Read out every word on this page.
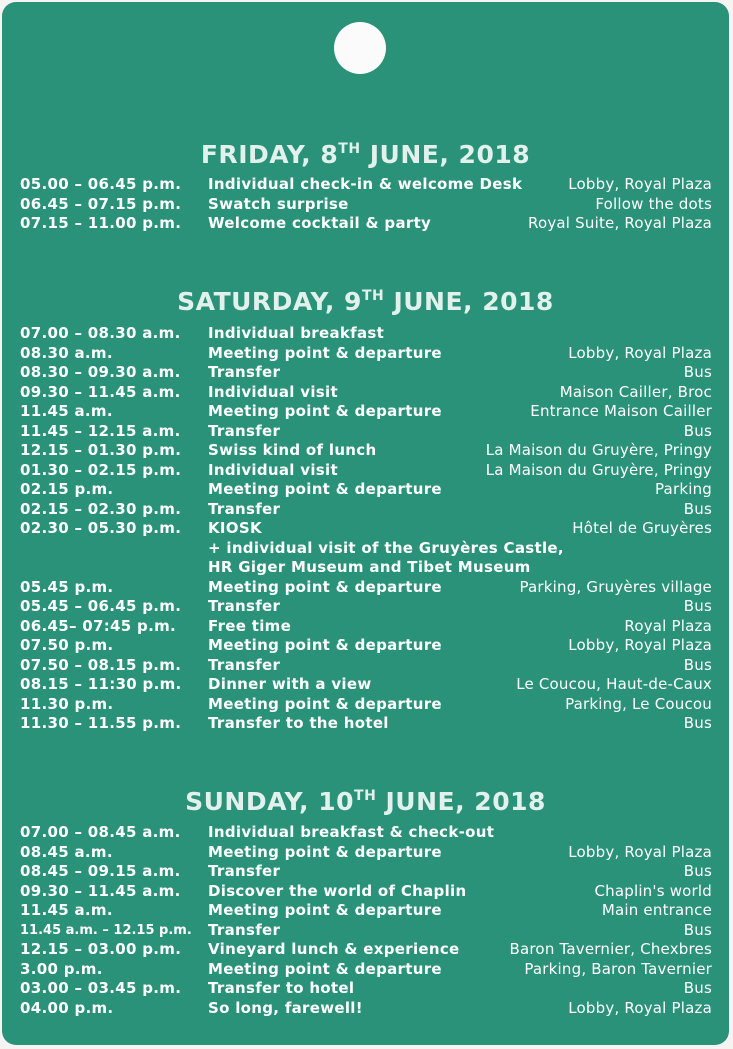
FRIDAY, 8TH JUNE, 2018
05.00 – 06.45 p.m. Individual check-in & welcome Desk	Lobby, Royal Plaza
06.45 – 07.15 p.m. Swatch surprise	Follow the dots
07.15 – 11.00 p.m. Welcome cocktail & party	Royal Suite, Royal Plaza
SATURDAY, 9TH JUNE, 2018
07.00 – 08.30 a.m. Individual breakfast
08.30 a.m.	Meeting point & departure	Lobby, Royal Plaza
08.30 – 09.30 a.m. Transfer	Bus
09.30 – 11.45 a.m. Individual visit	Maison Cailler, Broc
11.45 a.m.	Meeting point & departure	Entrance Maison Cailler
11.45 – 12.15 a.m. Transfer	Bus
12.15 – 01.30 p.m. Swiss kind of lunch	La Maison du Gruyère, Pringy
01.30 – 02.15 p.m. Individual visit	La Maison du Gruyère, Pringy
02.15 p.m.	Meeting point & departure	Parking
02.15 – 02.30 p.m. Transfer	Bus
02.30 – 05.30 p.m. KIOSK	Hôtel de Gruyères
+ individual visit of the Gruyères Castle,
HR Giger Museum and Tibet Museum
05.45 p.m.	Meeting point & departure	Parking, Gruyères village
05.45 – 06.45 p.m. Transfer	Bus
06.45– 07:45 p.m. Free time	Royal Plaza
07.50 p.m.	Meeting point & departure	Lobby, Royal Plaza
07.50 – 08.15 p.m. Transfer	Bus
08.15 – 11:30 p.m. Dinner with a view	Le Coucou, Haut-de-Caux
11.30 p.m.	Meeting point & departure	Parking, Le Coucou
11.30 – 11.55 p.m. Transfer to the hotel	Bus
SUNDAY, 10TH JUNE, 2018
07.00 – 08.45 a.m. Individual breakfast & check-out
08.45 a.m.	Meeting point & departure	Lobby, Royal Plaza
08.45 – 09.15 a.m. Transfer	Bus
09.30 – 11.45 a.m. Discover the world of Chaplin	Chaplin's world
11.45 a.m.	Meeting point & departure	Main entrance
11.45 a.m. – 12.15 p.m. Transfer	Bus
12.15 – 03.00 p.m. Vineyard lunch & experience	Baron Tavernier, Chexbres
3.00 p.m.	Meeting point & departure	Parking, Baron Tavernier
03.00 – 03.45 p.m. Transfer to hotel	Bus
04.00 p.m.	So long, farewell!	Lobby, Royal Plaza
